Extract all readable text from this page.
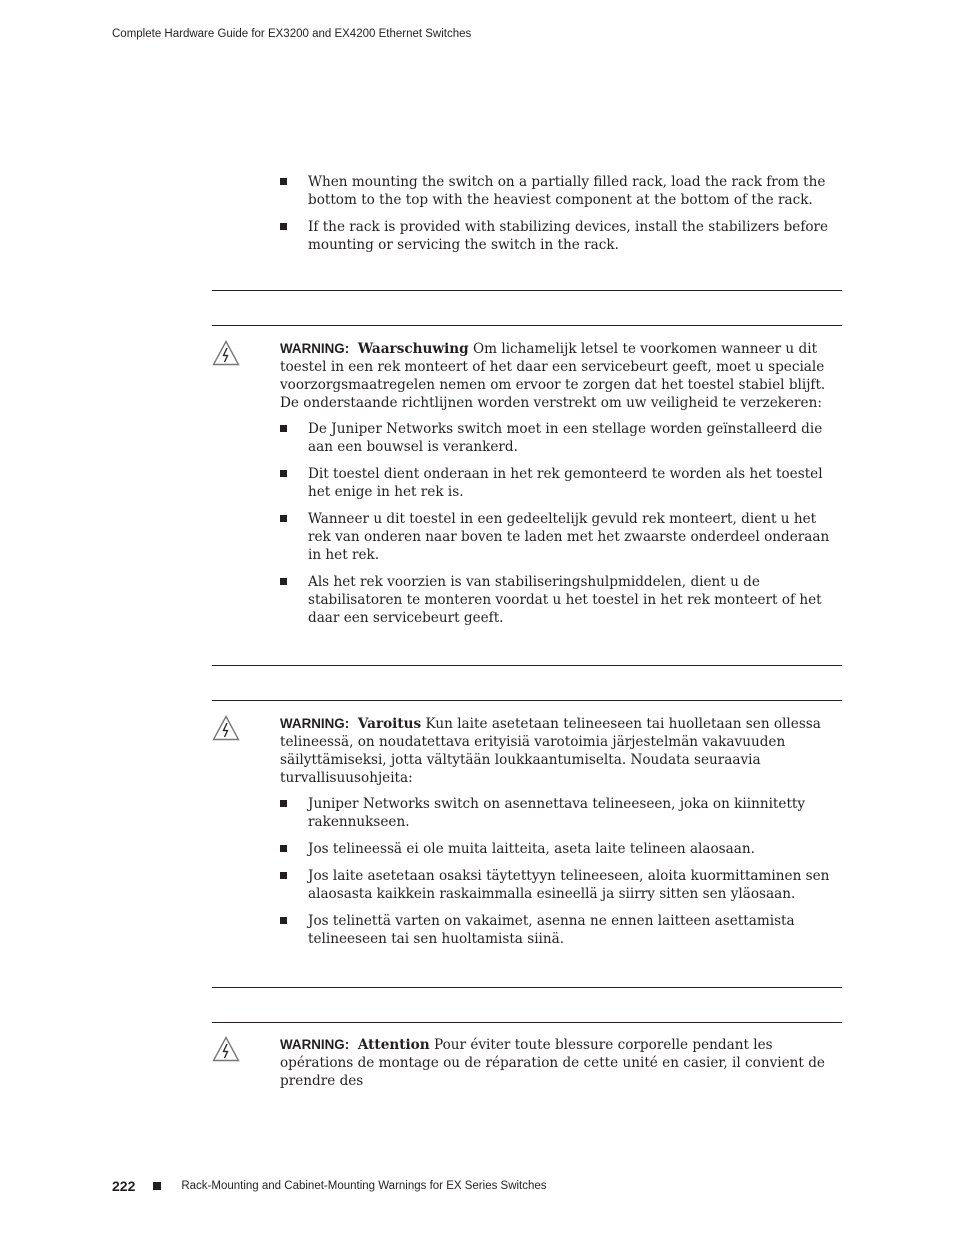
Complete Hardware Guide for EX3200 and EX4200 Ethernet Switches
When mounting the switch on a partially filled rack, load the rack from the bottom to the top with the heaviest component at the bottom of the rack.
If the rack is provided with stabilizing devices, install the stabilizers before mounting or servicing the switch in the rack.

WARNING: Waarschuwing Om lichamelijk letsel te voorkomen wanneer u dit toestel in een rek monteert of het daar een servicebeurt geeft, moet u speciale voorzorgsmaatregelen nemen om ervoor te zorgen dat het toestel stabiel blijft. De onderstaande richtlijnen worden verstrekt om uw veiligheid te verzekeren:

De Juniper Networks switch moet in een stellage worden geïnstalleerd die aan een bouwsel is verankerd.
Dit toestel dient onderaan in het rek gemonteerd te worden als het toestel het enige in het rek is.
Wanneer u dit toestel in een gedeeltelijk gevuld rek monteert, dient u het rek van onderen naar boven te laden met het zwaarste onderdeel onderaan in het rek.
Als het rek voorzien is van stabiliseringshulpmiddelen, dient u de stabilisatoren te monteren voordat u het toestel in het rek monteert of het daar een servicebeurt geeft.

WARNING: Varoitus Kun laite asetetaan telineeseen tai huolletaan sen ollessa telineessä, on noudatettava erityisiä varotoimia järjestelmän vakavuuden säilyttämiseksi, jotta vältytään loukkaantumiselta. Noudata seuraavia turvallisuusohjeita:

Juniper Networks switch on asennettava telineeseen, joka on kiinnitetty rakennukseen.
Jos telineessä ei ole muita laitteita, aseta laite telineen alaosaan.
Jos laite asetetaan osaksi täytettyyn telineeseen, aloita kuormittaminen sen alaosasta kaikkein raskaimmalla esineellä ja siirry sitten sen yläosaan.
Jos telinettä varten on vakaimet, asenna ne ennen laitteen asettamista telineeseen tai sen huoltamista siinä.

WARNING: Attention Pour éviter toute blessure corporelle pendant les opérations de montage ou de réparation de cette unité en casier, il convient de prendre des

222	Rack-Mounting and Cabinet-Mounting Warnings for EX Series Switches
